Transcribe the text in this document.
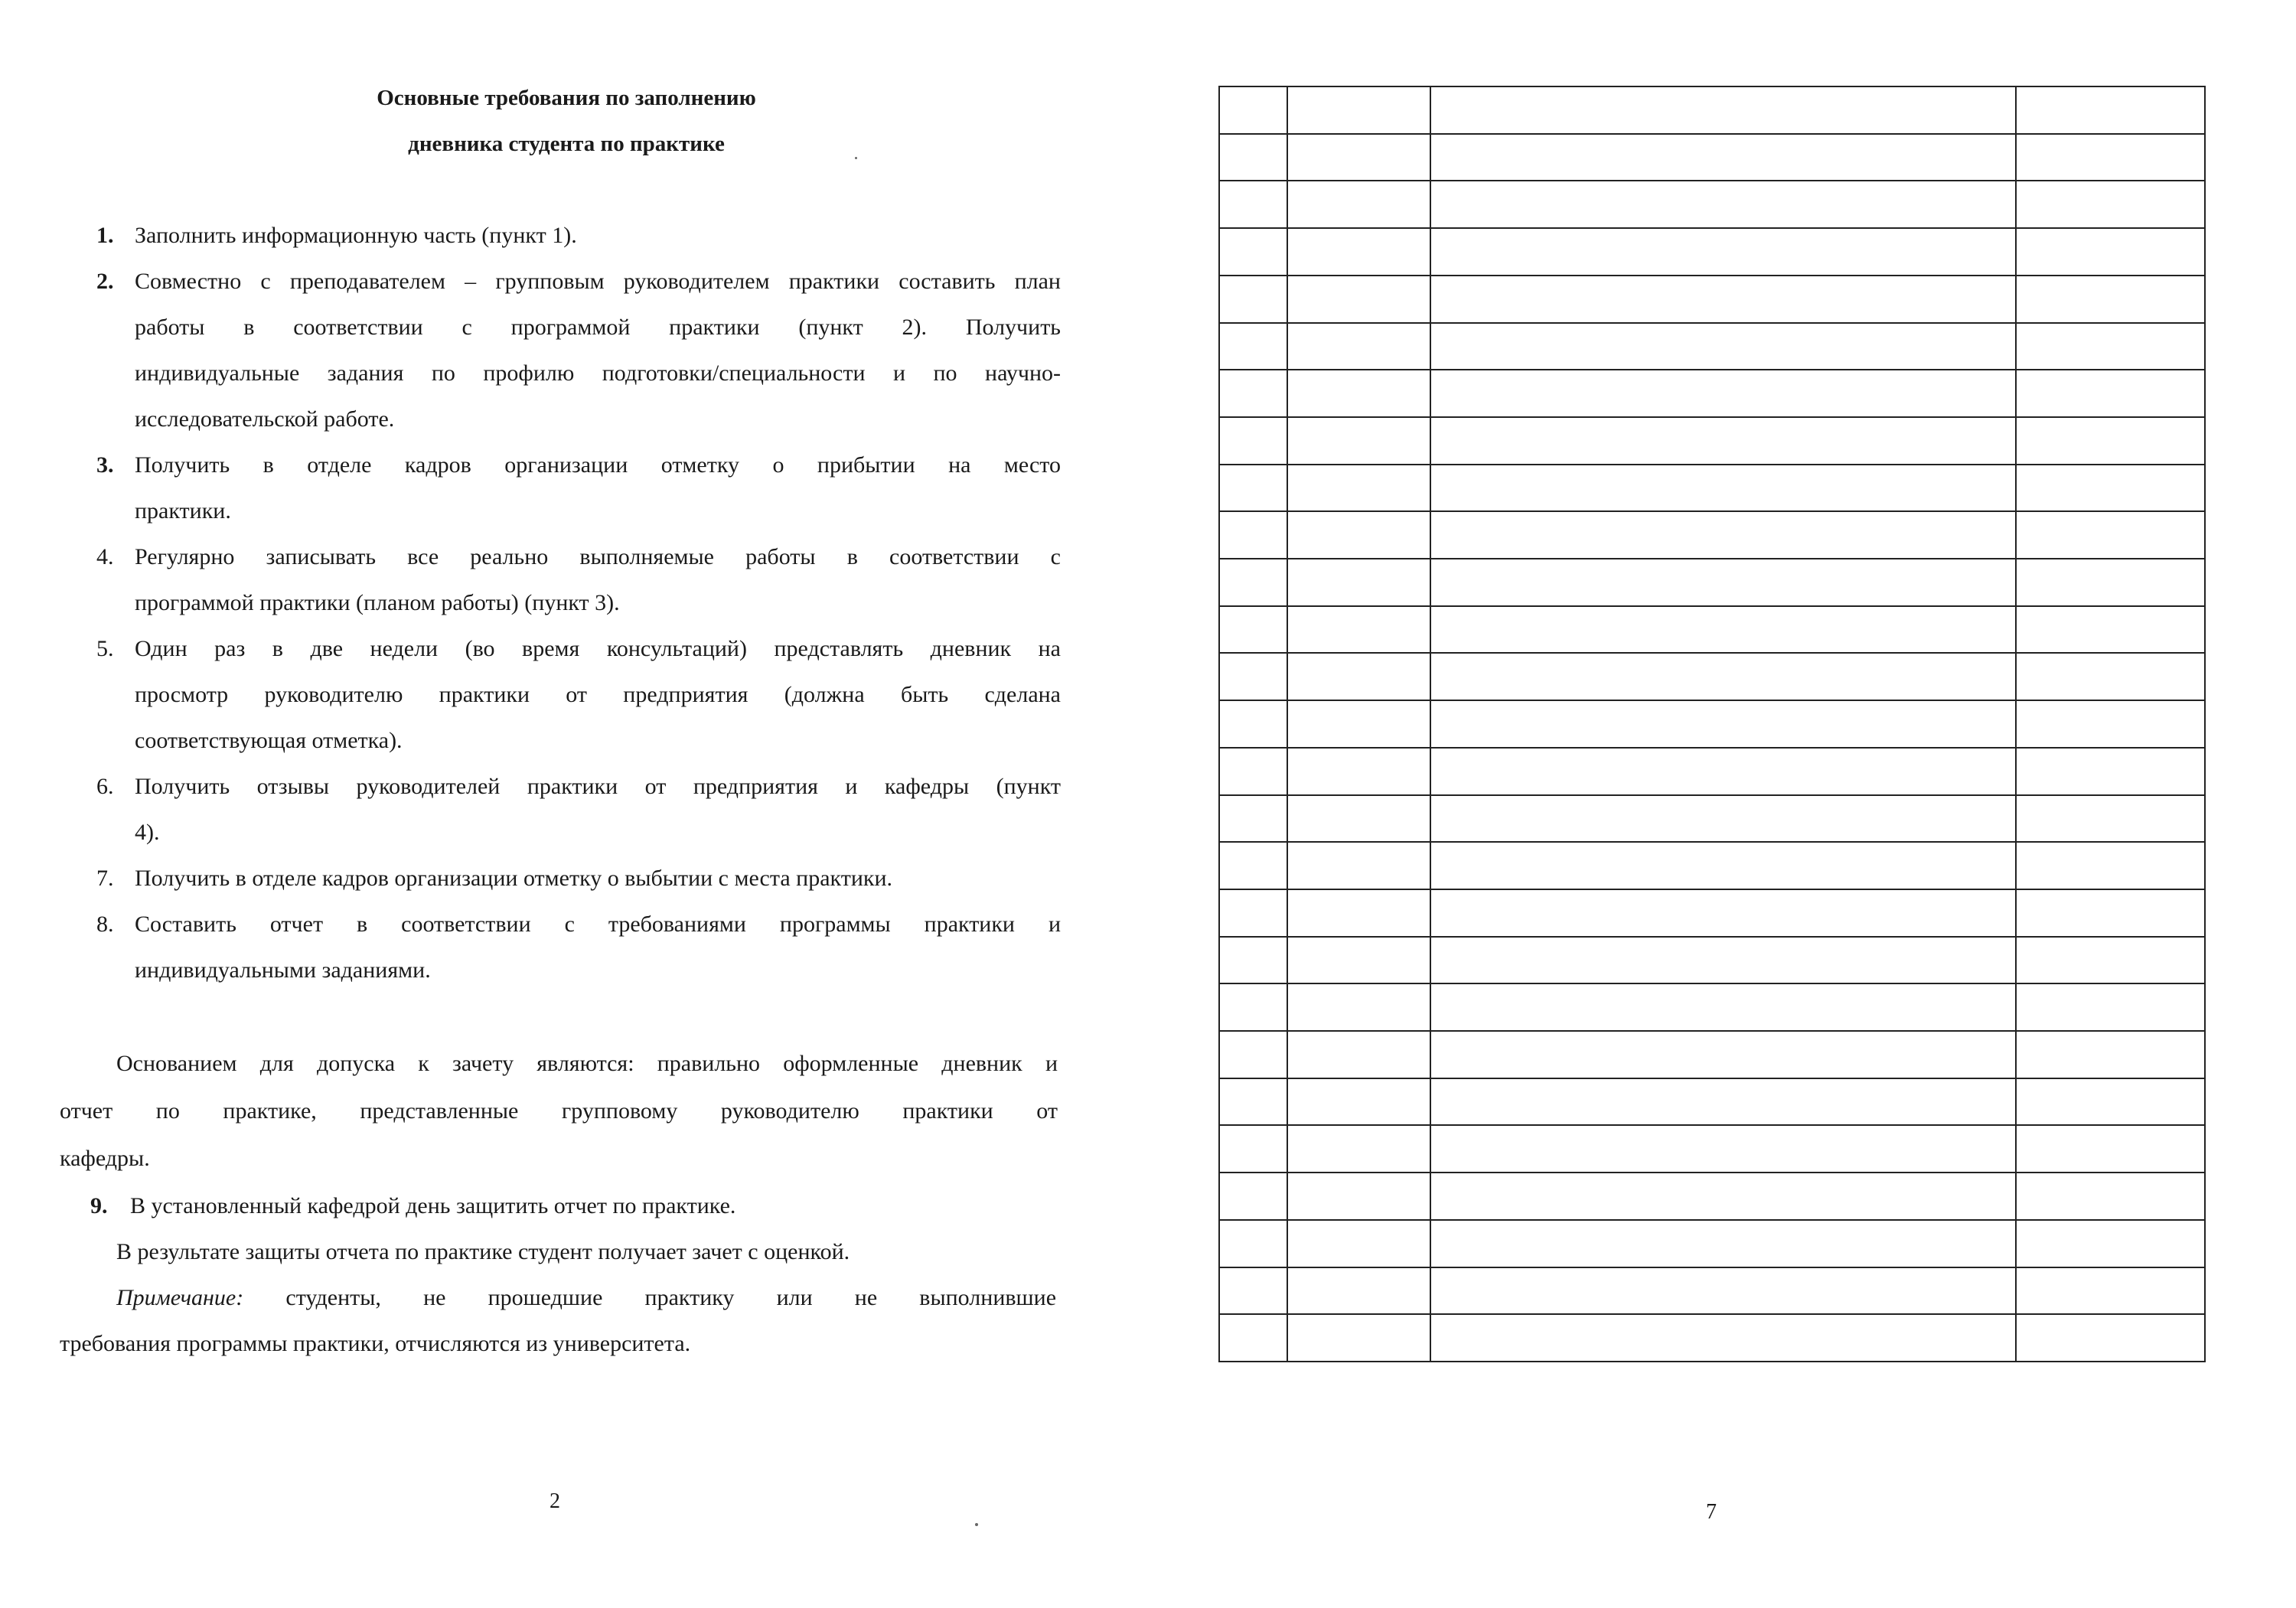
Основные требования по заполнению
дневника студента по практике
1. Заполнить информационную часть (пункт 1).
2. Совместно с преподавателем – групповым руководителем практики составить план
работы в соответствии с программой практики (пункт 2). Получить
индивидуальные задания по профилю подготовки/специальности и по научно-
исследовательской работе.
3. Получить в отделе кадров организации отметку о прибытии на место
практики.
4. Регулярно записывать все реально выполняемые работы в соответствии с
программой практики (планом работы) (пункт 3).
5. Один раз в две недели (во время консультаций) представлять дневник на
просмотр руководителю практики от предприятия (должна быть сделана
соответствующая отметка).
6. Получить отзывы руководителей практики от предприятия и кафедры (пункт
4).
7. Получить в отделе кадров организации отметку о выбытии с места практики.
8. Составить отчет в соответствии с требованиями программы практики и
индивидуальными заданиями.
Основанием для допуска к зачету являются: правильно оформленные дневник и
отчет по практике, представленные групповому руководителю практики от
кафедры.
9. В установленный кафедрой день защитить отчет по практике.
В результате защиты отчета по практике студент получает зачет с оценкой.
Примечание: студенты, не прошедшие практику или не выполнившие
требования программы практики, отчисляются из университета.
2

				7
